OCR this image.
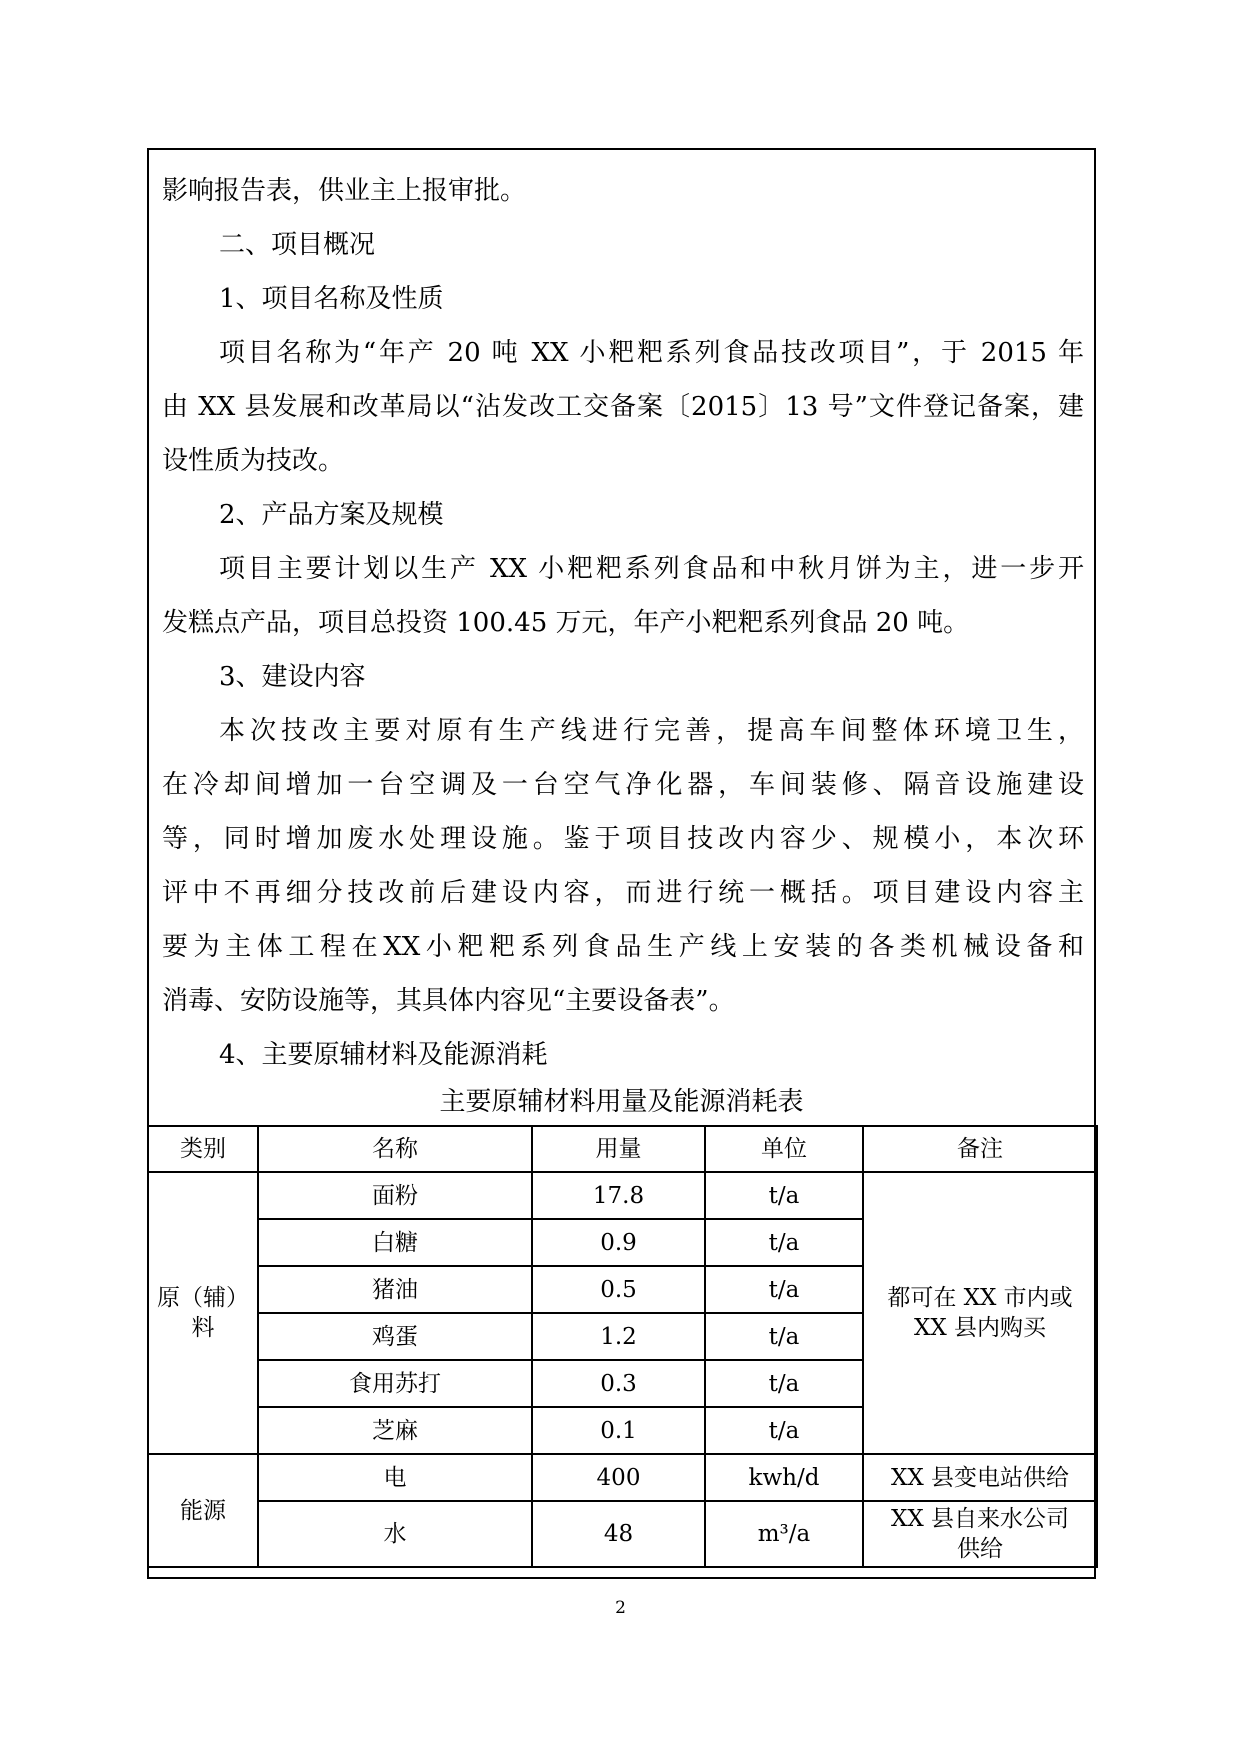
影响报告表，供业主上报审批。

二、项目概况

1、项目名称及性质

项目名称为“年产 20 吨 XX 小粑粑系列食品技改项目”，于 2015 年
由 XX 县发展和改革局以“沾发改工交备案〔2015〕13 号”文件登记备案，建
设性质为技改。

2、产品方案及规模

项目主要计划以生产 XX 小粑粑系列食品和中秋月饼为主，进一步开
发糕点产品，项目总投资 100.45 万元，年产小粑粑系列食品 20 吨。

3、建设内容

本次技改主要对原有生产线进行完善，提高车间整体环境卫生，
在冷却间增加一台空调及一台空气净化器，车间装修、隔音设施建设
等，同时增加废水处理设施。鉴于项目技改内容少、规模小，本次环
评中不再细分技改前后建设内容，而进行统一概括。项目建设内容主
要为主体工程在XX小粑粑系列食品生产线上安装的各类机械设备和
消毒、安防设施等，其具体内容见“主要设备表”。

4、主要原辅材料及能源消耗

主要原辅材料用量及能源消耗表
类别	名称	用量	单位	备注
原（辅）料	面粉	17.8	t/a	都可在 XX 市内或 XX 县内购买
	白糖	0.9	t/a	
	猪油	0.5	t/a	
	鸡蛋	1.2	t/a	
	食用苏打	0.3	t/a	
	芝麻	0.1	t/a	
能源	电	400	kwh/d	XX 县变电站供给
	水	48	m³/a	XX 县自来水公司供给
2
